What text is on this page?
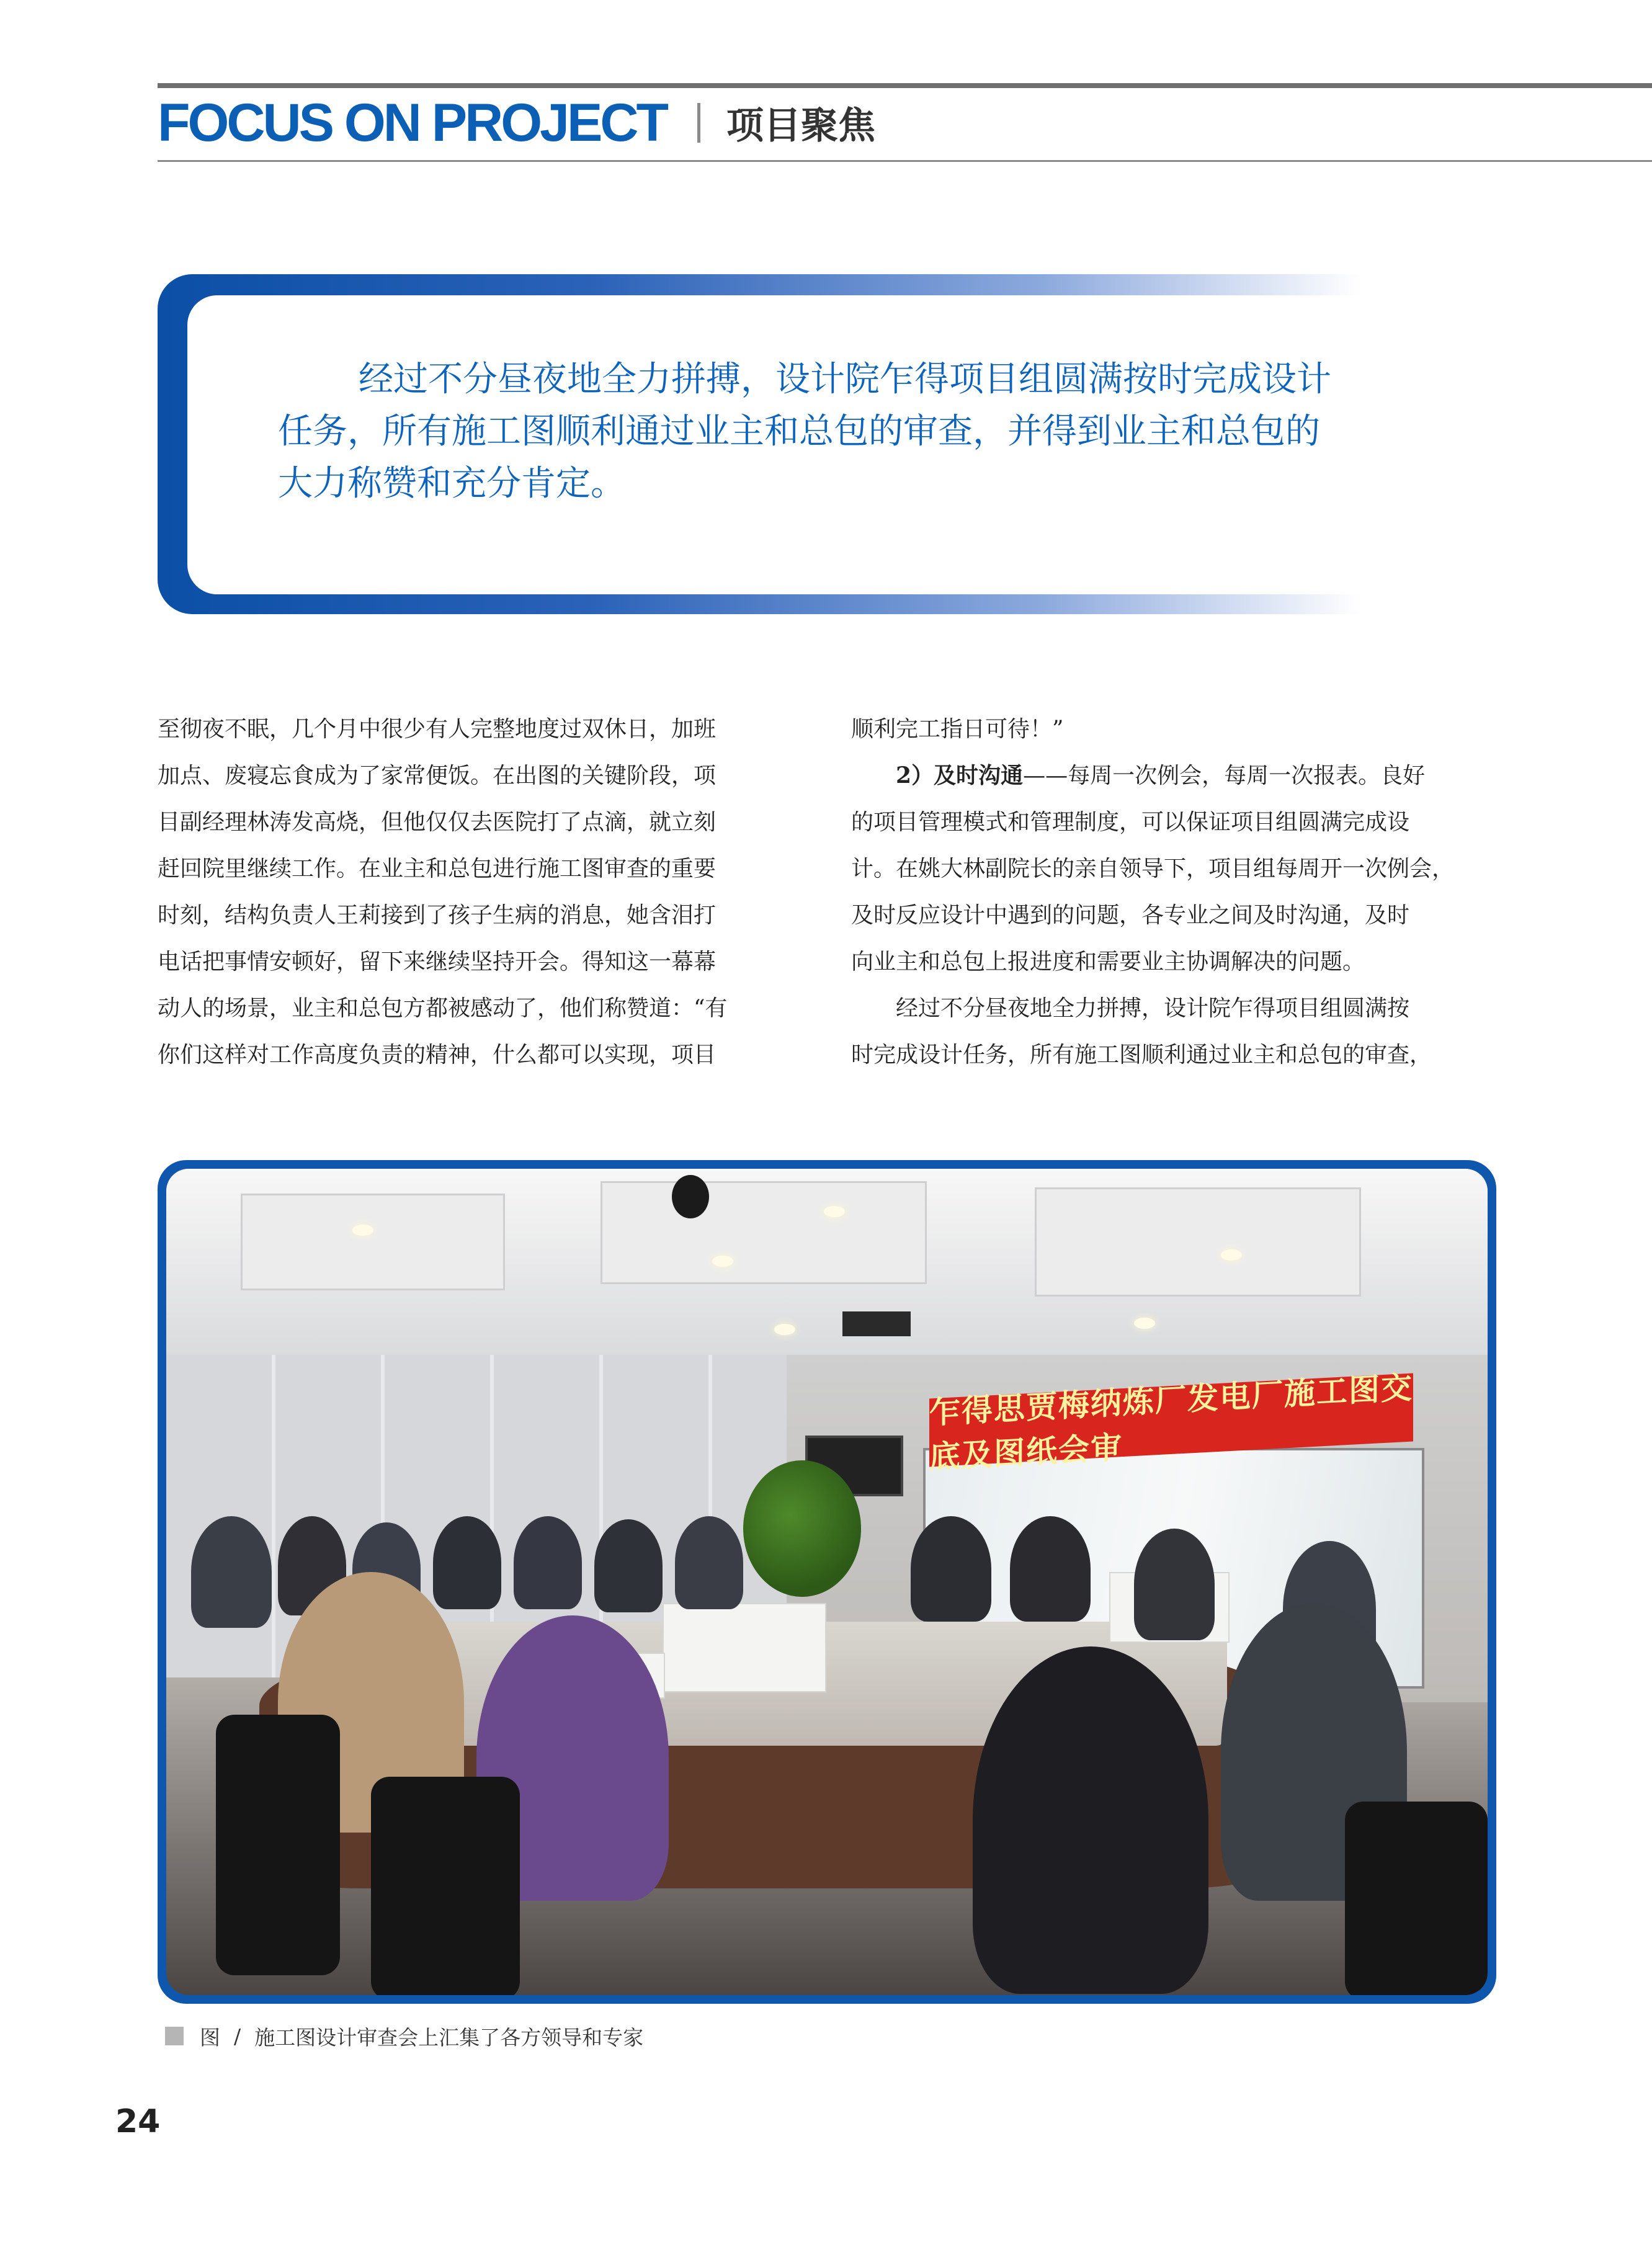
FOCUS ON PROJECT 项目聚焦

经过不分昼夜地全力拼搏，设计院乍得项目组圆满按时完成设计任务，所有施工图顺利通过业主和总包的审查，并得到业主和总包的大力称赞和充分肯定。

至彻夜不眠，几个月中很少有人完整地度过双休日，加班
加点、废寝忘食成为了家常便饭。在出图的关键阶段，项
目副经理林涛发高烧，但他仅仅去医院打了点滴，就立刻
赶回院里继续工作。在业主和总包进行施工图审查的重要
时刻，结构负责人王莉接到了孩子生病的消息，她含泪打
电话把事情安顿好，留下来继续坚持开会。得知这一幕幕
动人的场景，业主和总包方都被感动了，他们称赞道：“有
你们这样对工作高度负责的精神，什么都可以实现，项目
顺利完工指日可待！”
2）及时沟通——每周一次例会，每周一次报表。良好
的项目管理模式和管理制度，可以保证项目组圆满完成设
计。在姚大林副院长的亲自领导下，项目组每周开一次例会，
及时反应设计中遇到的问题，各专业之间及时沟通，及时
向业主和总包上报进度和需要业主协调解决的问题。
经过不分昼夜地全力拼搏，设计院乍得项目组圆满按
时完成设计任务，所有施工图顺利通过业主和总包的审查，
乍得思贾梅纳炼厂发电厂施工图交底及图纸会审
图 / 施工图设计审查会上汇集了各方领导和专家
24
